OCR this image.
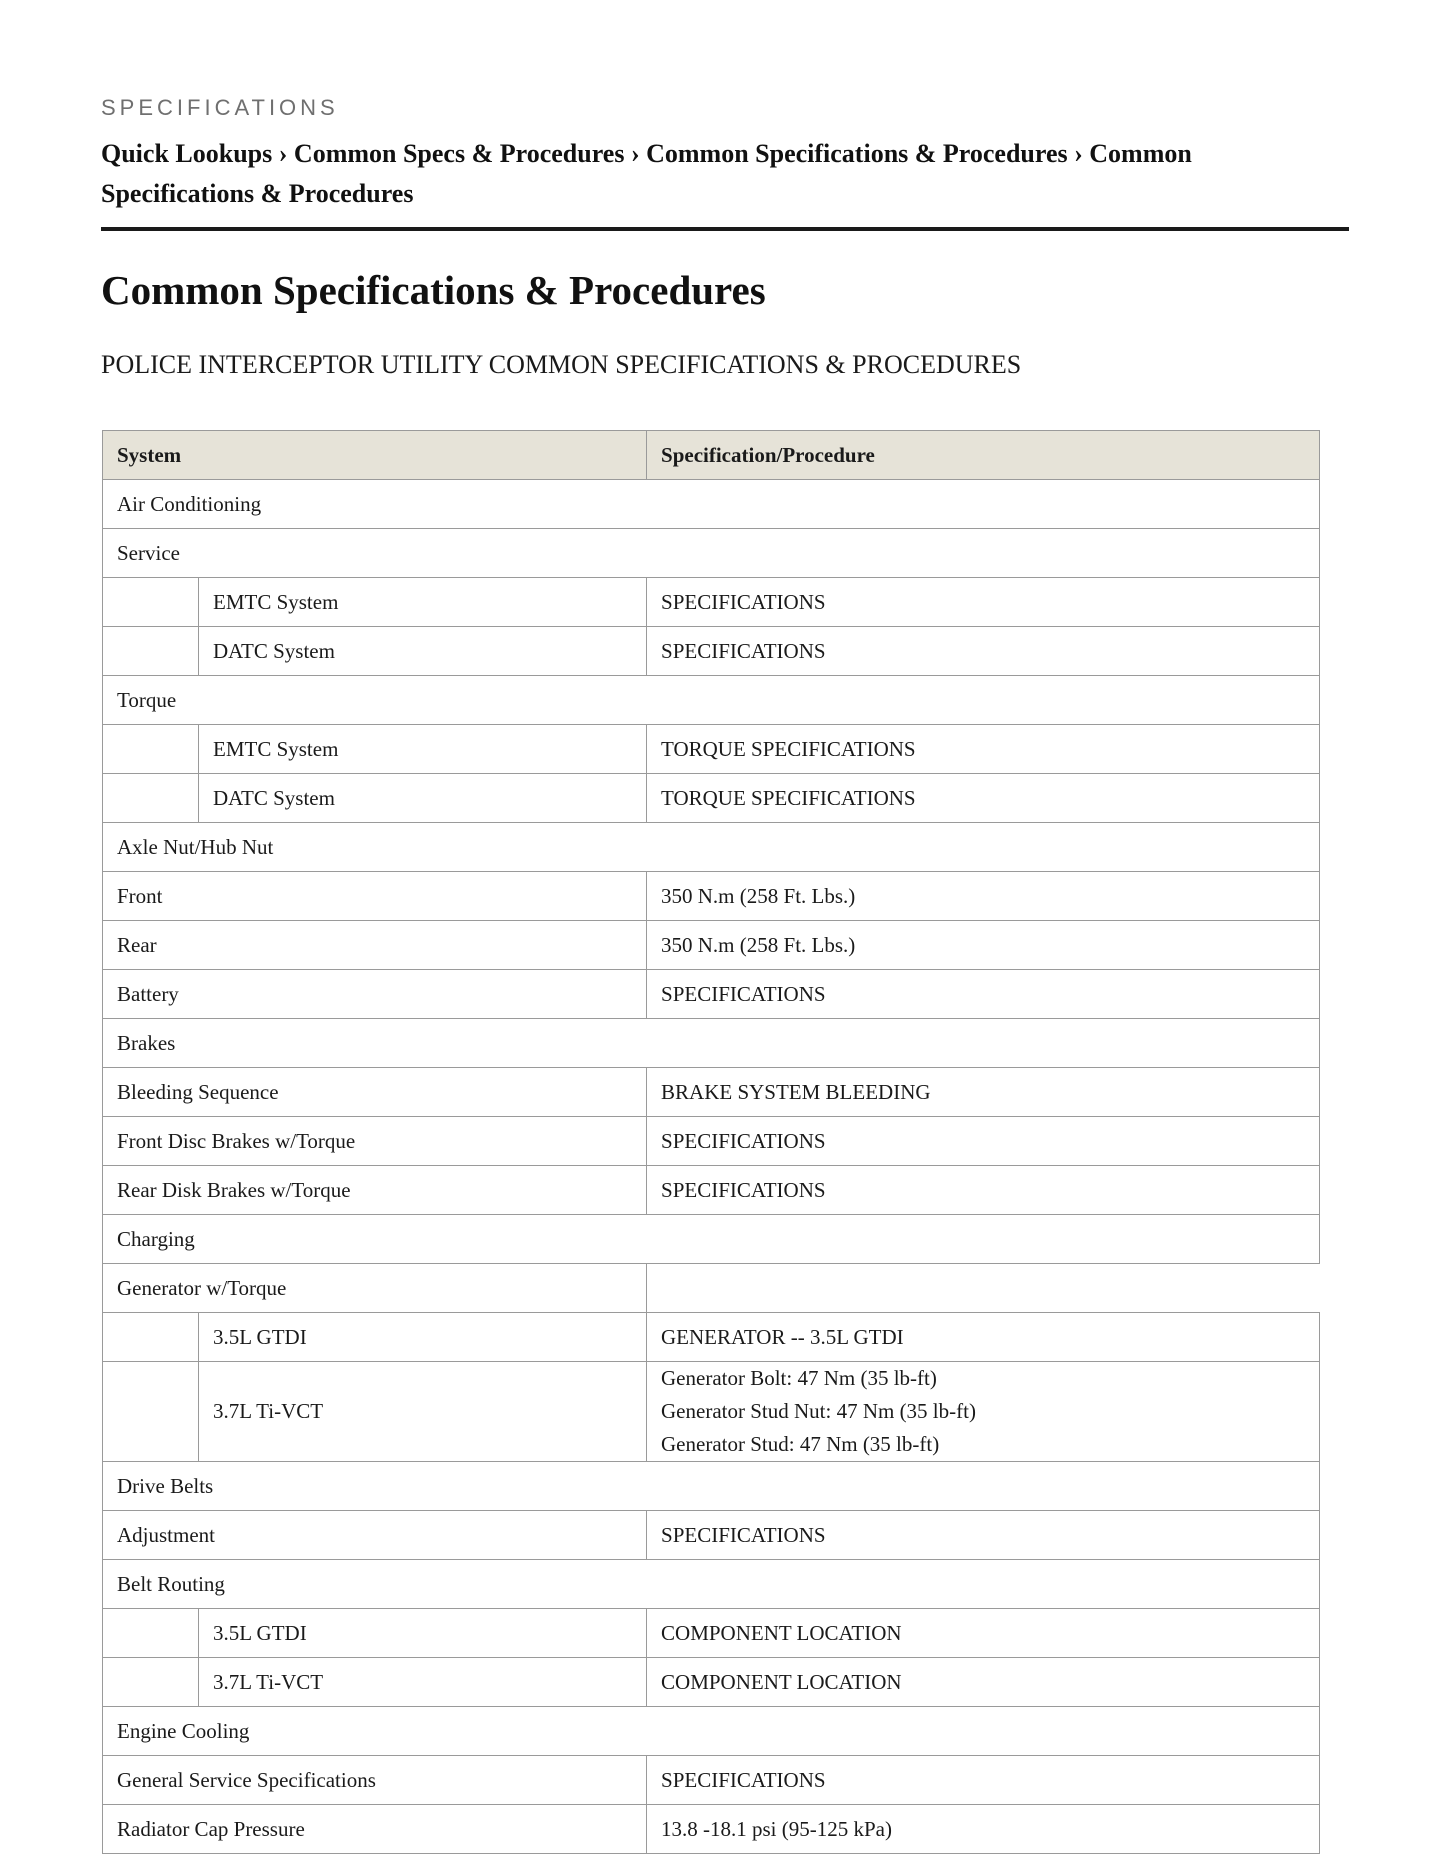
SPECIFICATIONS
Quick Lookups › Common Specs & Procedures › Common Specifications & Procedures › Common Specifications & Procedures
Common Specifications & Procedures
POLICE INTERCEPTOR UTILITY COMMON SPECIFICATIONS & PROCEDURES
System		Specification/Procedure
Air Conditioning		
Service		
	EMTC System	SPECIFICATIONS
	DATC System	SPECIFICATIONS
Torque		
	EMTC System	TORQUE SPECIFICATIONS
	DATC System	TORQUE SPECIFICATIONS
Axle Nut/Hub Nut		
Front		350 N.m (258 Ft. Lbs.)
Rear		350 N.m (258 Ft. Lbs.)
Battery		SPECIFICATIONS
Brakes		
Bleeding Sequence		BRAKE SYSTEM BLEEDING
Front Disc Brakes w/Torque		SPECIFICATIONS
Rear Disk Brakes w/Torque		SPECIFICATIONS
Charging		
Generator w/Torque		
	3.5L GTDI	GENERATOR -- 3.5L GTDI
	3.7L Ti-VCT	Generator Bolt: 47 Nm (35 lb-ft)
Generator Stud Nut: 47 Nm (35 lb-ft)
Generator Stud: 47 Nm (35 lb-ft)

Drive Belts		
Adjustment		SPECIFICATIONS
Belt Routing		
	3.5L GTDI	COMPONENT LOCATION
	3.7L Ti-VCT	COMPONENT LOCATION
Engine Cooling		
General Service Specifications		SPECIFICATIONS
Radiator Cap Pressure		13.8 -18.1 psi (95-125 kPa)
